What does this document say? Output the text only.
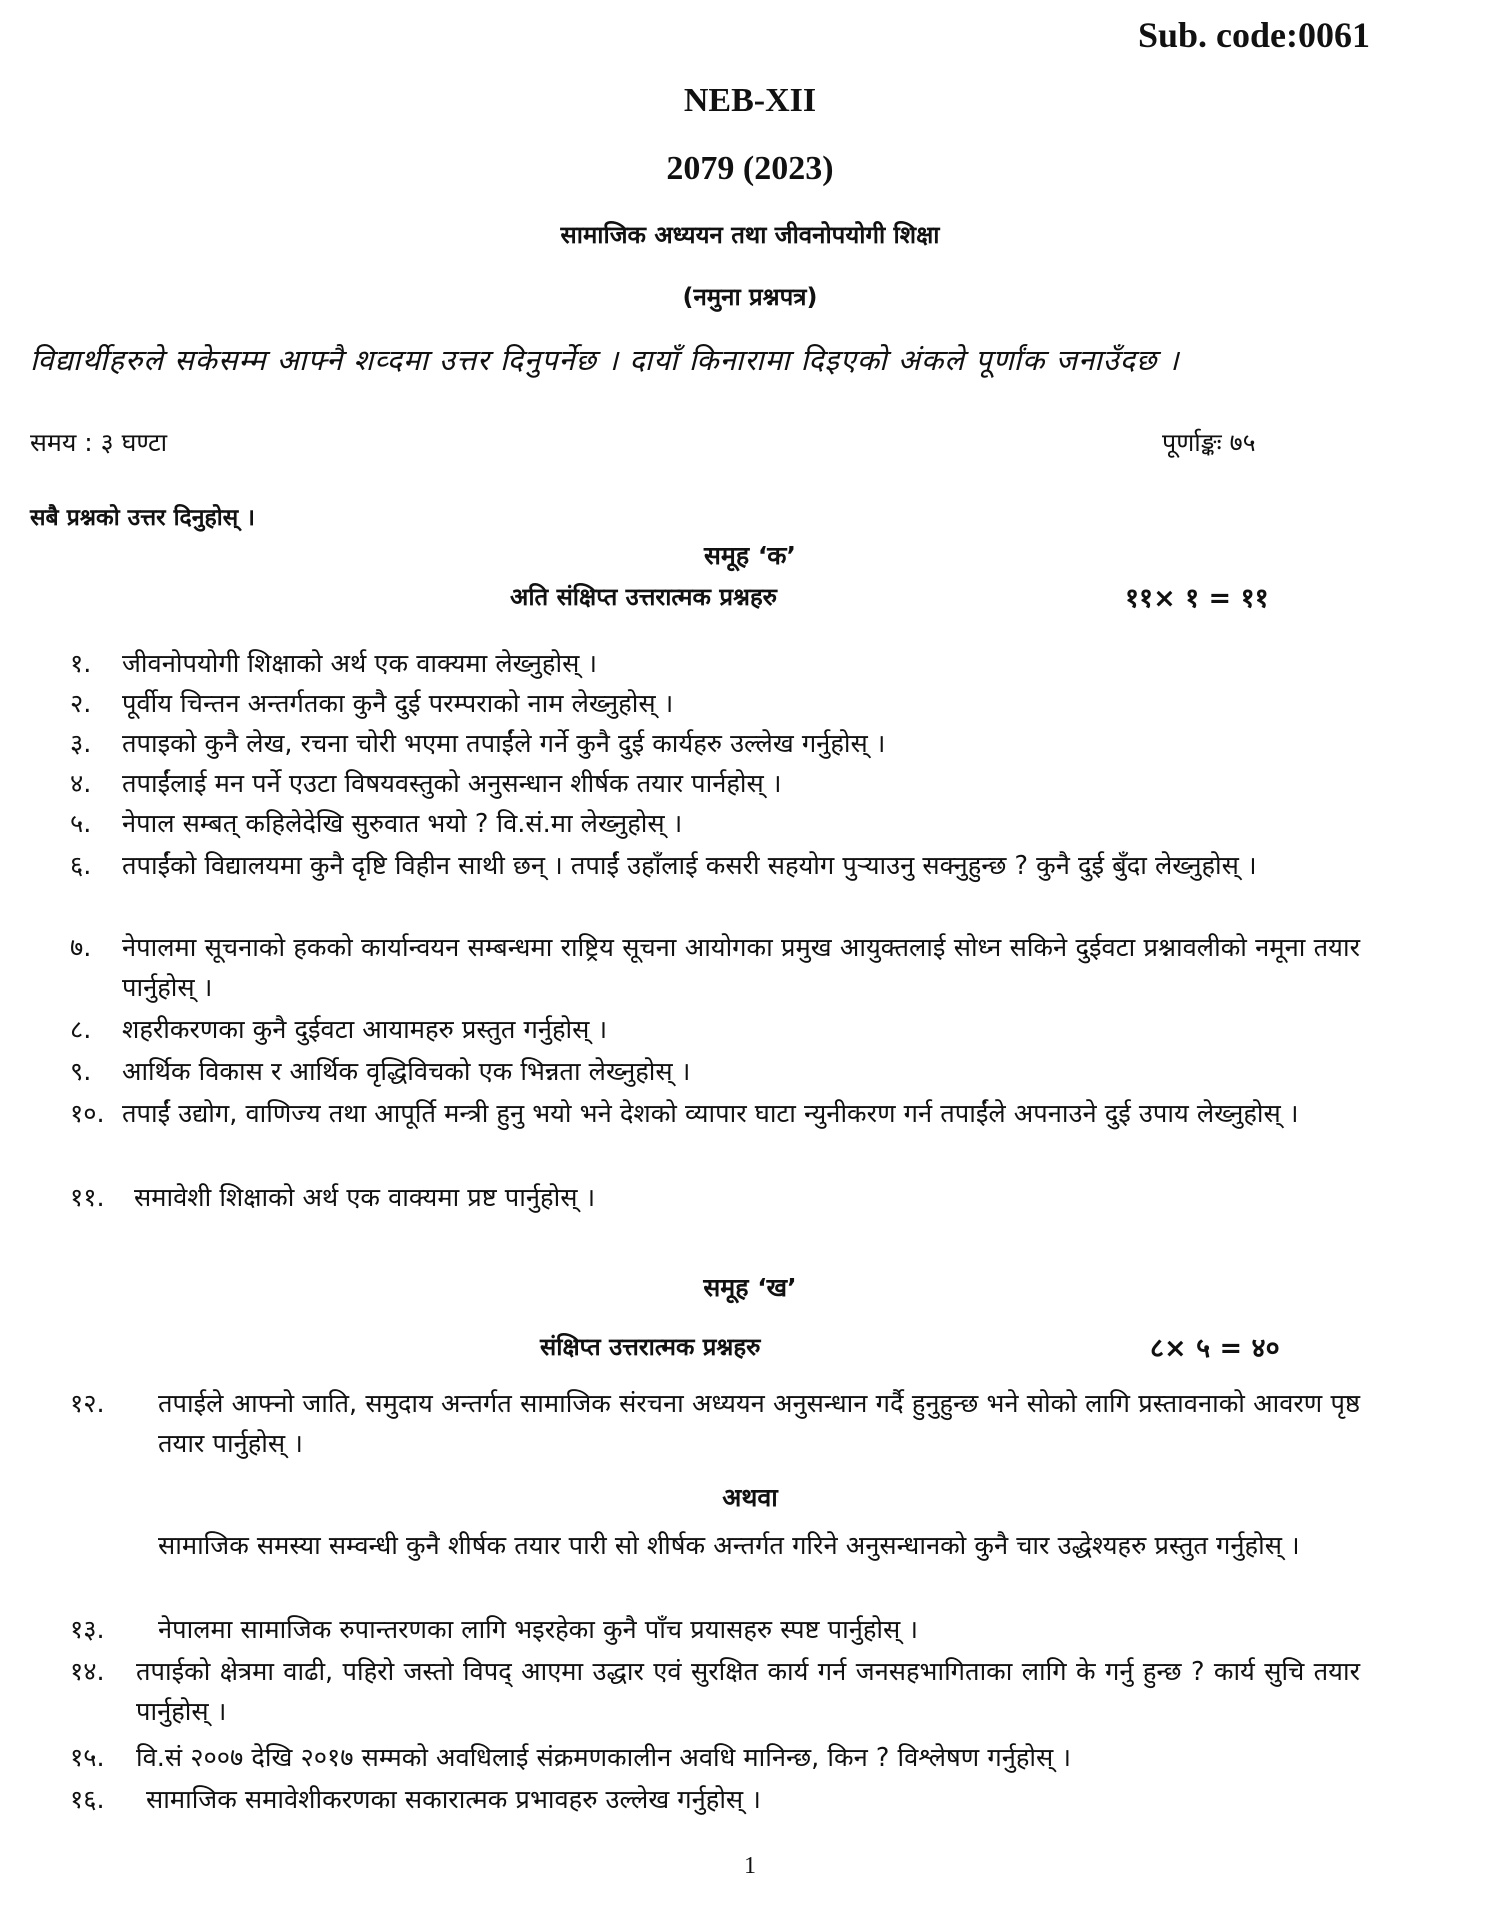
Sub. code:0061
NEB-XII
2079 (2023)
सामाजिक अध्ययन तथा जीवनोपयोगी शिक्षा
(नमुना प्रश्नपत्र)
विद्यार्थीहरुले सकेसम्म आफ्नै शव्दमा उत्तर दिनुपर्नेछ । दायाँ किनारामा दिइएको अंकले पूर्णांक जनाउँदछ ।
समय : ३ घण्टा	पूर्णाङ्कः ७५
सबै प्रश्नको उत्तर दिनुहोस् ।
समूह ‘क’
अति संक्षिप्त उत्तरात्मक प्रश्नहरु	११× १ = ११
१. जीवनोपयोगी शिक्षाको अर्थ एक वाक्यमा लेख्नुहोस् ।
२. पूर्वीय चिन्तन अन्तर्गतका कुनै दुई परम्पराको नाम लेख्नुहोस् ।
३. तपाइको कुनै लेख, रचना चोरी भएमा तपाईंले गर्ने कुनै दुई कार्यहरु उल्लेख गर्नुहोस् ।
४. तपाईंलाई मन पर्ने एउटा विषयवस्तुको अनुसन्धान शीर्षक तयार पार्नहोस् ।
५. नेपाल सम्बत् कहिलेदेखि सुरुवात भयो ? वि.सं.मा लेख्नुहोस् ।
६. तपाईंको विद्यालयमा कुनै दृष्टि विहीन साथी छन् । तपाईं उहाँलाई कसरी सहयोग पुऱ्याउनु सक्नुहुन्छ ? कुनै दुई बुँदा लेख्नुहोस् ।
७. नेपालमा सूचनाको हकको कार्यान्वयन सम्बन्धमा राष्ट्रिय सूचना आयोगका प्रमुख आयुक्तलाई सोध्न सकिने दुईवटा प्रश्नावलीको नमूना तयार पार्नुहोस् ।
८. शहरीकरणका कुनै दुईवटा आयामहरु प्रस्तुत गर्नुहोस् ।
९. आर्थिक विकास र आर्थिक वृद्धिविचको एक भिन्नता लेख्नुहोस् ।
१०. तपाईं उद्योग, वाणिज्य तथा आपूर्ति मन्त्री हुनु भयो भने देशको व्यापार घाटा न्युनीकरण गर्न तपाईंले अपनाउने दुई उपाय लेख्नुहोस् ।
११. समावेशी शिक्षाको अर्थ एक वाक्यमा प्रष्ट पार्नुहोस् ।
समूह ‘ख’
संक्षिप्त उत्तरात्मक प्रश्नहरु	८× ५ = ४०
१२. तपाईले आफ्नो जाति, समुदाय अन्तर्गत सामाजिक संरचना अध्ययन अनुसन्धान गर्दै हुनुहुन्छ भने सोको लागि प्रस्तावनाको आवरण पृष्ठ तयार पार्नुहोस् ।
अथवा
सामाजिक समस्या सम्वन्धी कुनै शीर्षक तयार पारी सो शीर्षक अन्तर्गत गरिने अनुसन्धानको कुनै चार उद्धेश्यहरु प्रस्तुत गर्नुहोस् ।
१३. नेपालमा सामाजिक रुपान्तरणका लागि भइरहेका कुनै पाँच प्रयासहरु स्पष्ट पार्नुहोस् ।
१४. तपाईको क्षेत्रमा वाढी, पहिरो जस्तो विपद् आएमा उद्धार एवं सुरक्षित कार्य गर्न जनसहभागिताका लागि के गर्नु हुन्छ ? कार्य सुचि तयार पार्नुहोस् ।
१५. वि.सं २००७ देखि २०१७ सम्मको अवधिलाई संक्रमणकालीन अवधि मानिन्छ, किन ? विश्लेषण गर्नुहोस् ।
१६. सामाजिक समावेशीकरणका सकारात्मक प्रभावहरु उल्लेख गर्नुहोस् ।
1
